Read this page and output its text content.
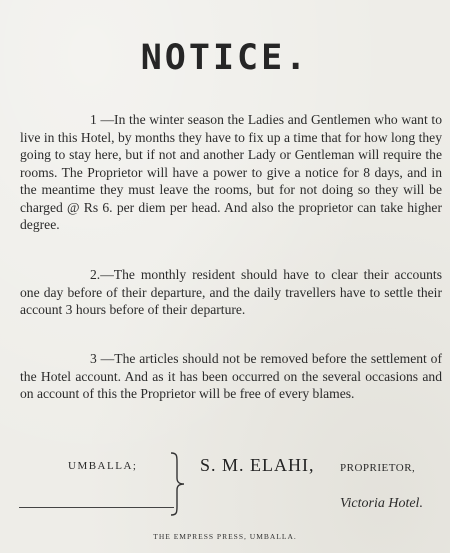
NOTICE.
1 —In the winter season the Ladies and Gentlemen who want to live in this Hotel, by months they have to fix up a time that for how long they going to stay here, but if not and another Lady or Gentleman will require the rooms. The Proprietor will have a power to give a notice for 8 days, and in the meantime they must leave the rooms, but for not doing so they will be charged @ Rs 6. per diem per head. And also the proprietor can take higher degree.
2.—The monthly resident should have to clear their accounts one day before of their departure, and the daily travellers have to settle their account 3 hours before of their departure.
3 —The articles should not be removed before the settlement of the Hotel account. And as it has been occurred on the several occasions and on account of this the Proprietor will be free of every blames.
UMBALLA;	S. M. ELAHI, PROPRIETOR,
Victoria Hotel.
THE EMPRESS PRESS, UMBALLA.
